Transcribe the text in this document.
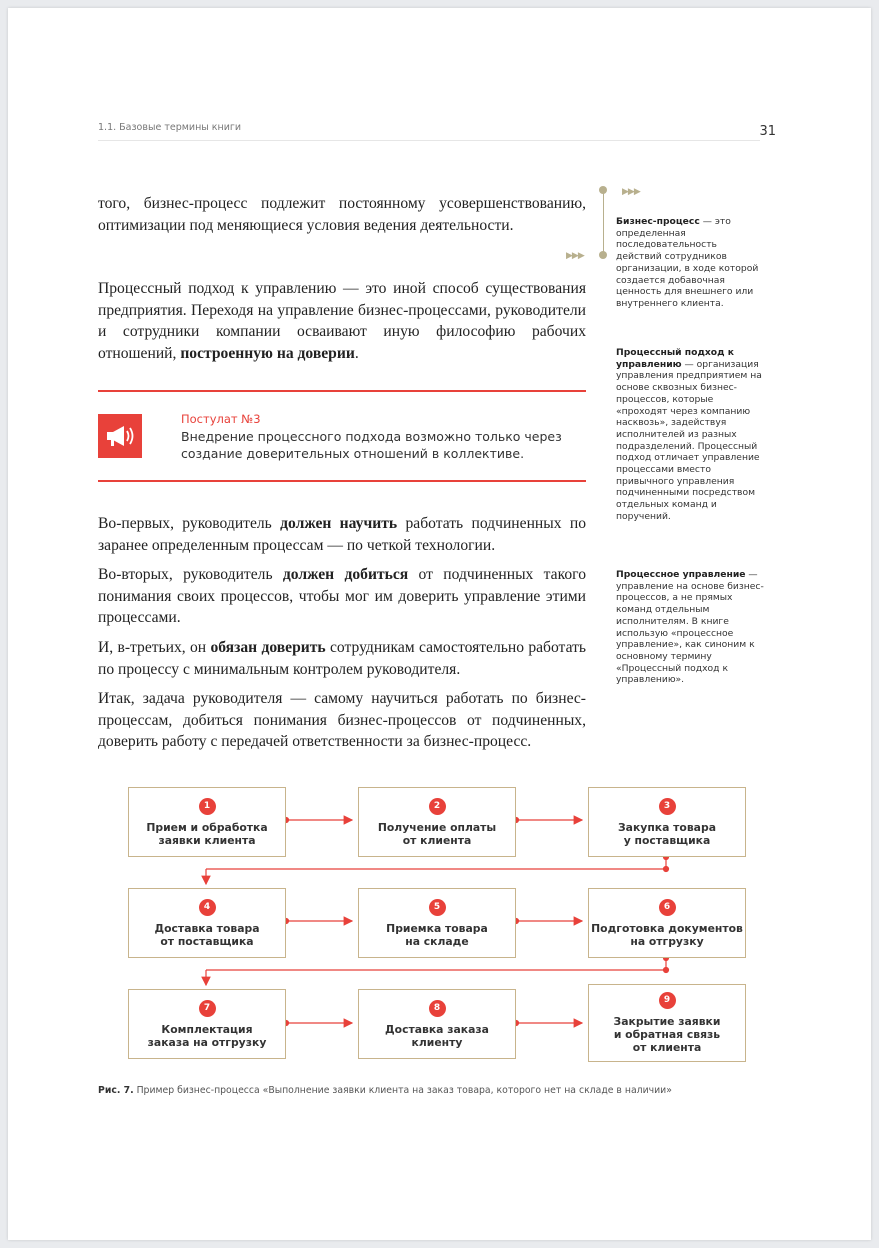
1.1. Базовые термины книги	31

того, бизнес-процесс подлежит постоянному усовершенствованию, оптимизации под меняющиеся условия ведения деятельности.

Процессный подход к управлению — это иной способ существования предприятия. Переходя на управление бизнес-процессами, руководители и сотрудники компании осваивают иную философию рабочих отношений, построенную на доверии.

▶▶▶
▶▶▶

Бизнес-процесс — это определенная последовательность действий сотрудников организации, в ходе которой создается добавочная ценность для внешнего или внутреннего клиента.

Процессный подход к управлению — организация управления предприятием на основе сквозных бизнес-процессов, которые «проходят через компанию насквозь», задействуя исполнителей из разных подразделений. Процессный подход отличает управление процессами вместо привычного управления подчиненными посредством отдельных команд и поручений.

Процессное управление — управление на основе бизнес-процессов, а не прямых команд отдельным исполнителям. В книге использую «процессное управление», как синоним к основному термину «Процессный подход к управлению».

Постулат №3
Внедрение процессного подхода возможно только через создание доверительных отношений в коллективе.

Во-первых, руководитель должен научить работать подчиненных по заранее определенным процессам — по четкой технологии.

Во-вторых, руководитель должен добиться от подчиненных такого понимания своих процессов, чтобы мог им доверить управление этими процессами.

И, в-третьих, он обязан доверить сотрудникам самостоятельно работать по процессу с минимальным контролем руководителя.

Итак, задача руководителя — самому научиться работать по бизнес-процессам, добиться понимания бизнес-процессов от подчиненных, доверить работу с передачей ответственности за бизнес-процесс.

1
Прием и обработка
заявки клиента
2
Получение оплаты
от клиента
3
Закупка товара
у поставщика
4
Доставка товара
от поставщика
5
Приемка товара
на складе
6
Подготовка документов
на отгрузку
7
Комплектация
заказа на отгрузку
8
Доставка заказа
клиенту
9
Закрытие заявки
и обратная связь
от клиента
Рис. 7. Пример бизнес-процесса «Выполнение заявки клиента на заказ товара, которого нет на складе в наличии»
